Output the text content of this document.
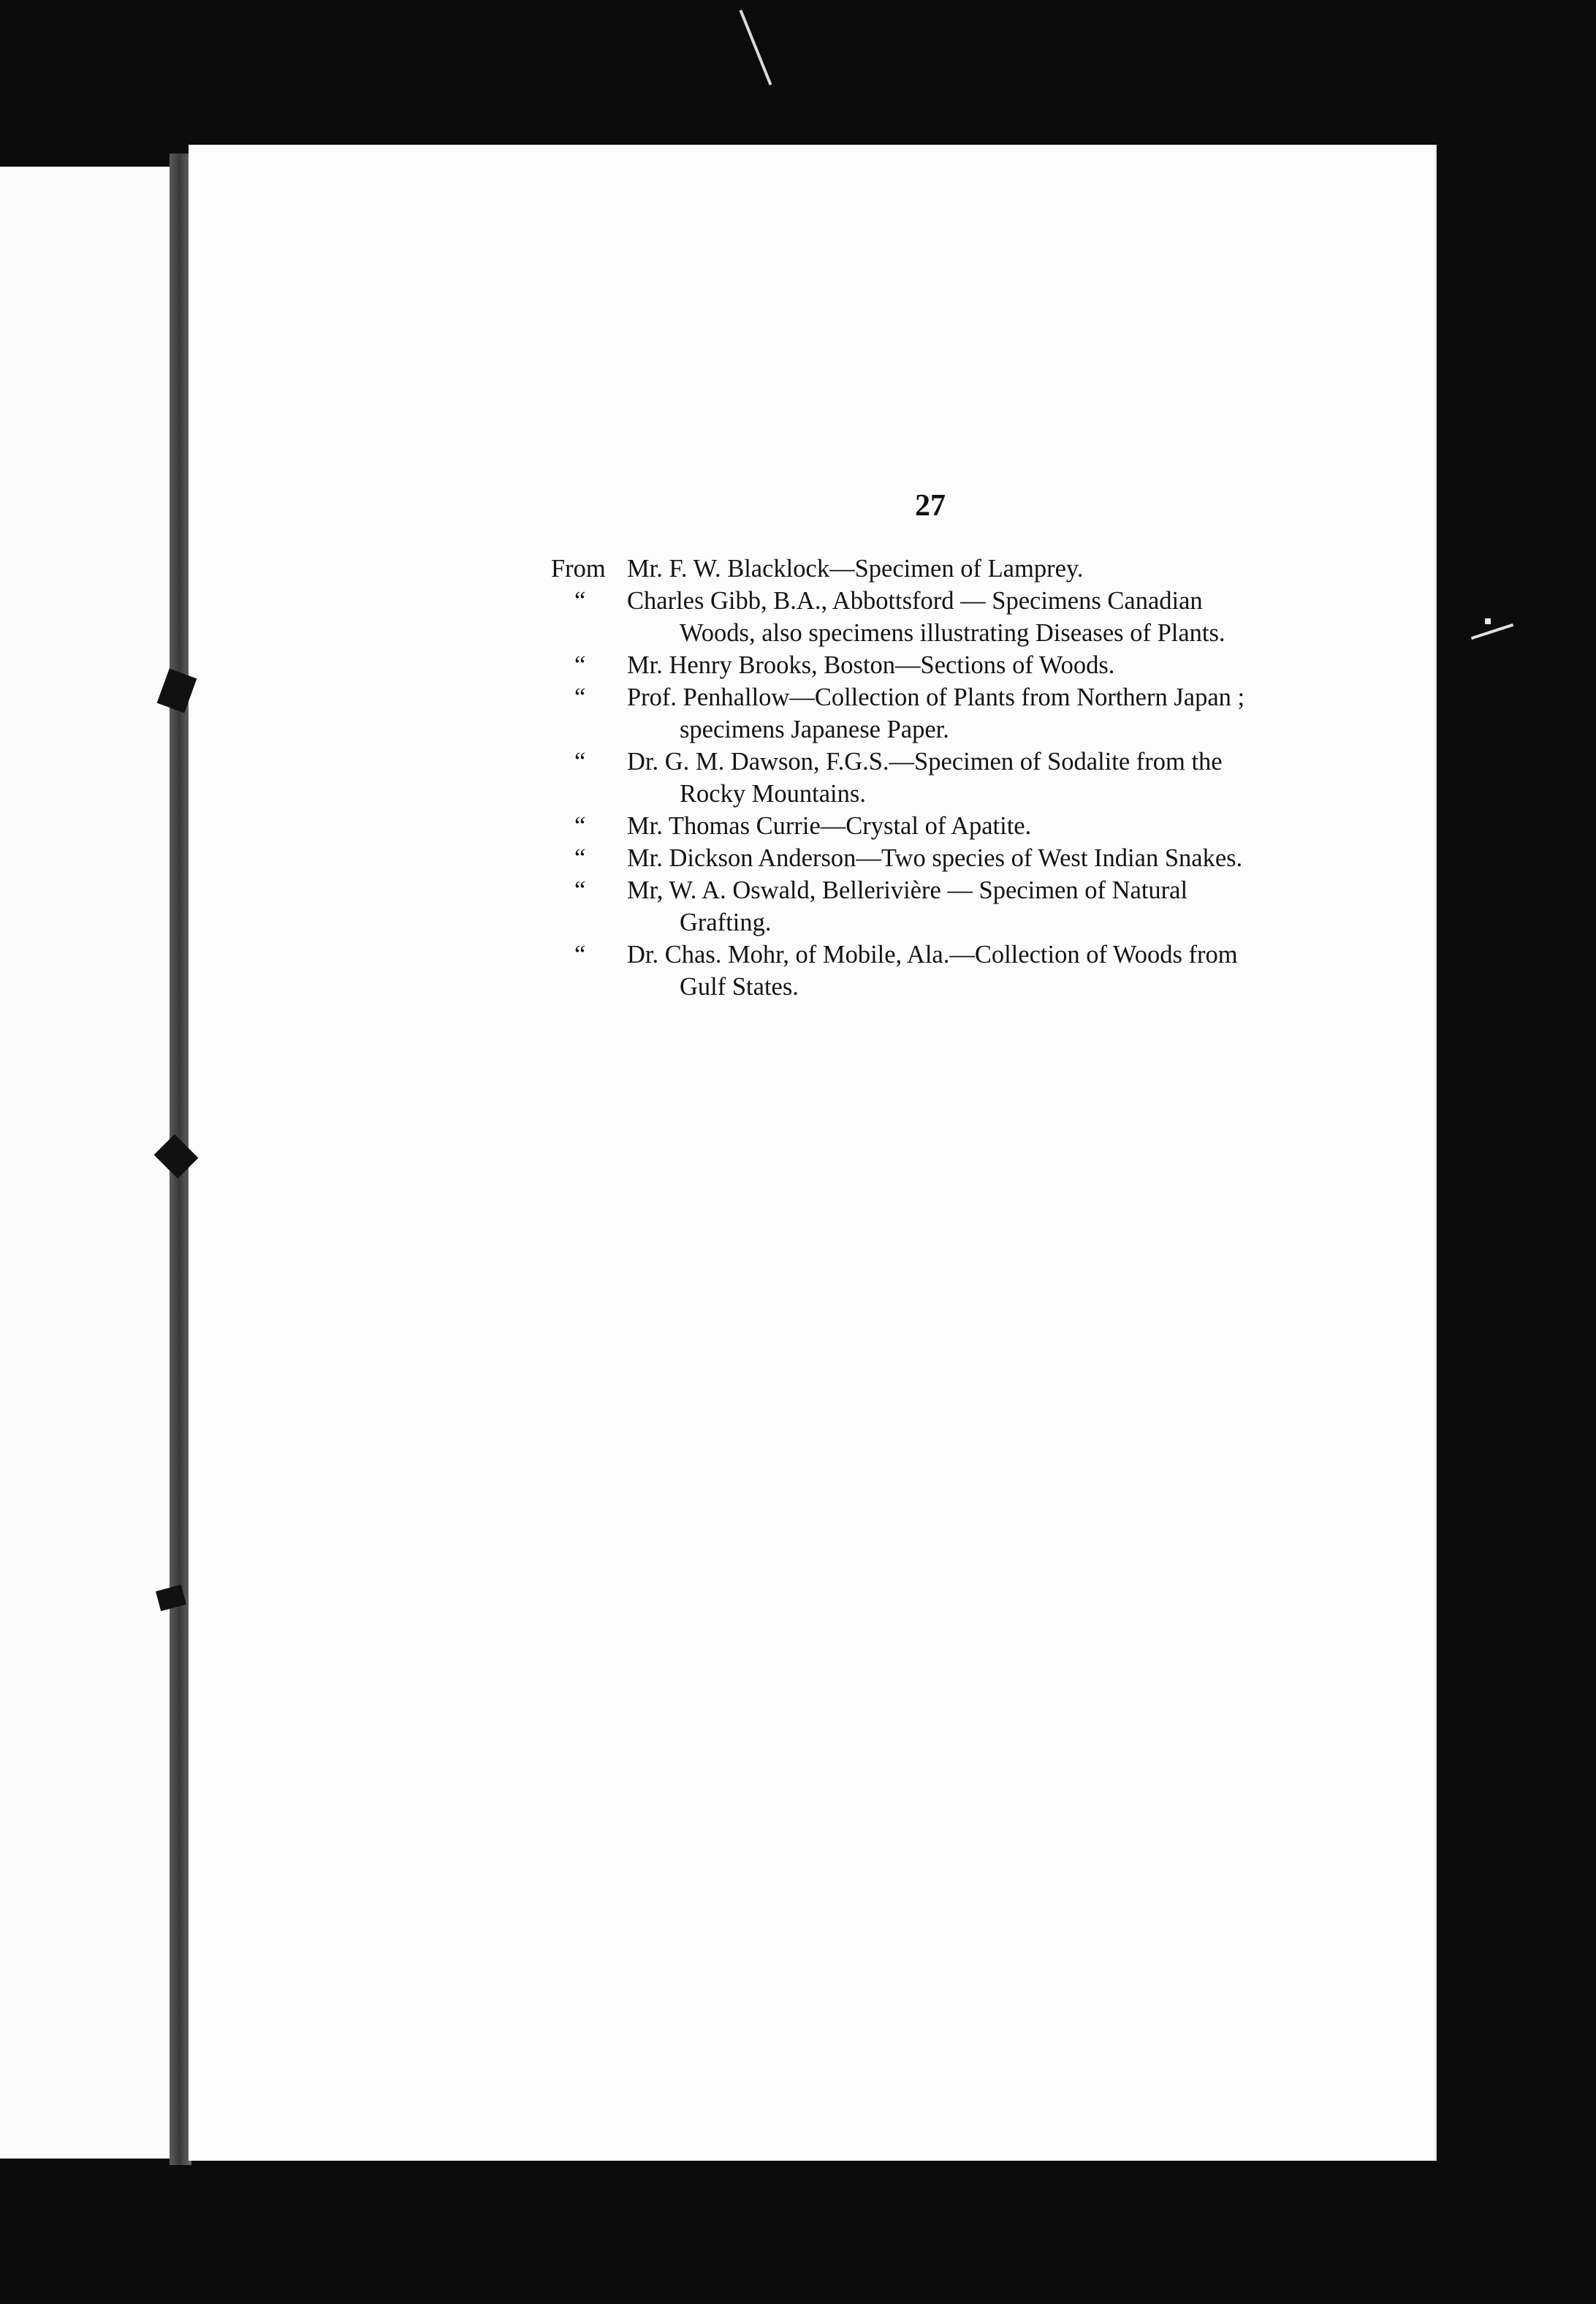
27
From Mr. F. W. Blacklock—Specimen of Lamprey.
“	Charles Gibb, B.A., Abbottsford — Specimens Canadian
Woods, also specimens illustrating Diseases of Plants.
“	Mr. Henry Brooks, Boston—Sections of Woods.
“	Prof. Penhallow—Collection of Plants from Northern Japan ;
specimens Japanese Paper.
“	Dr. G. M. Dawson, F.G.S.—Specimen of Sodalite from the
Rocky Mountains.
“	Mr. Thomas Currie—Crystal of Apatite.
“	Mr. Dickson Anderson—Two species of West Indian Snakes.
“	Mr, W. A. Oswald, Bellerivière — Specimen of Natural
Grafting.
“	Dr. Chas. Mohr, of Mobile, Ala.—Collection of Woods from
Gulf States.
